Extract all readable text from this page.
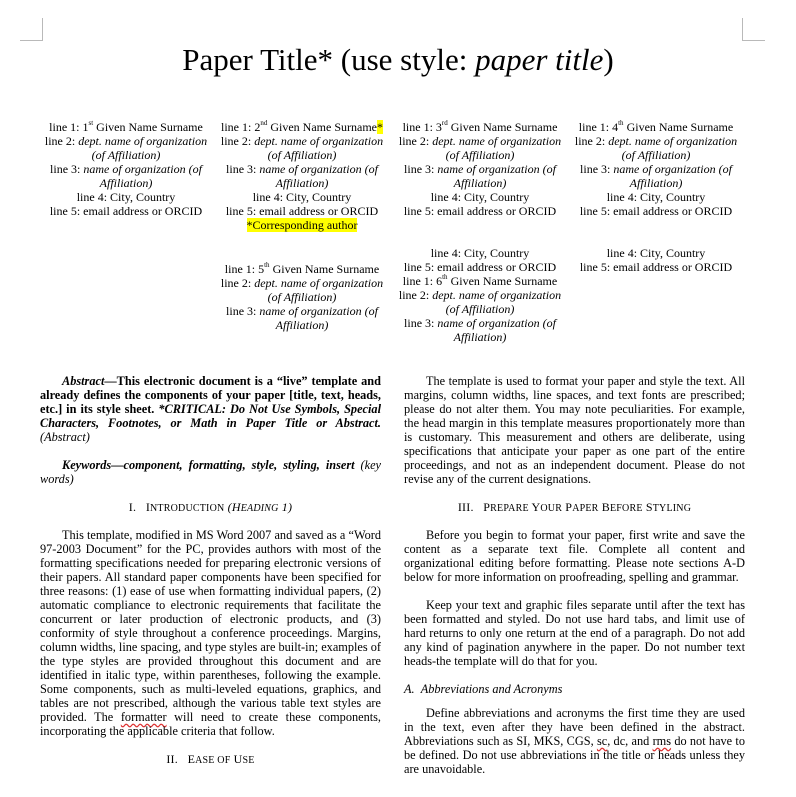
Paper Title* (use style: paper title)
line 1: 1st Given Name Surname
line 2: dept. name of organization (of Affiliation)
line 3: name of organization (of Affiliation)
line 4: City, Country
line 5: email address or ORCID
line 1: 2nd Given Name Surname*
line 2: dept. name of organization (of Affiliation)
line 3: name of organization (of Affiliation)
line 4: City, Country
line 5: email address or ORCID
*Corresponding author
line 1: 3rd Given Name Surname
line 2: dept. name of organization (of Affiliation)
line 3: name of organization (of Affiliation)
line 4: City, Country
line 5: email address or ORCID
line 1: 4th Given Name Surname
line 2: dept. name of organization (of Affiliation)
line 3: name of organization (of Affiliation)
line 4: City, Country
line 5: email address or ORCID
line 1: 5th Given Name Surname
line 2: dept. name of organization (of Affiliation)
line 3: name of organization (of Affiliation)
line 4: City, Country
line 5: email address or ORCID
line 1: 6th Given Name Surname
line 2: dept. name of organization (of Affiliation)
line 3: name of organization (of Affiliation)
line 4: City, Country
line 5: email address or ORCID

Abstract—This electronic document is a “live” template and already defines the components of your paper [title, text, heads, etc.] in its style sheet. *CRITICAL: Do Not Use Symbols, Special Characters, Footnotes, or Math in Paper Title or Abstract. (Abstract)

Keywords—component, formatting, style, styling, insert (key words)

I. INTRODUCTION (HEADING 1)

This template, modified in MS Word 2007 and saved as a “Word 97-2003 Document” for the PC, provides authors with most of the formatting specifications needed for preparing electronic versions of their papers. All standard paper components have been specified for three reasons: (1) ease of use when formatting individual papers, (2) automatic compliance to electronic requirements that facilitate the concurrent or later production of electronic products, and (3) conformity of style throughout a conference proceedings. Margins, column widths, line spacing, and type styles are built-in; examples of the type styles are provided throughout this document and are identified in italic type, within parentheses, following the example. Some components, such as multi-leveled equations, graphics, and tables are not prescribed, although the various table text styles are provided. The formatter will need to create these components, incorporating the applicable criteria that follow.

II. EASE OF USE

The template is used to format your paper and style the text. All margins, column widths, line spaces, and text fonts are prescribed; please do not alter them. You may note peculiarities. For example, the head margin in this template measures proportionately more than is customary. This measurement and others are deliberate, using specifications that anticipate your paper as one part of the entire proceedings, and not as an independent document. Please do not revise any of the current designations.

III. PREPARE YOUR PAPER BEFORE STYLING

Before you begin to format your paper, first write and save the content as a separate text file. Complete all content and organizational editing before formatting. Please note sections A-D below for more information on proofreading, spelling and grammar.

Keep your text and graphic files separate until after the text has been formatted and styled. Do not use hard tabs, and limit use of hard returns to only one return at the end of a paragraph. Do not add any kind of pagination anywhere in the paper. Do not number text heads-the template will do that for you.

A.  Abbreviations and Acronyms

Define abbreviations and acronyms the first time they are used in the text, even after they have been defined in the abstract. Abbreviations such as SI, MKS, CGS, sc, dc, and rms do not have to be defined. Do not use abbreviations in the title or heads unless they are unavoidable.
